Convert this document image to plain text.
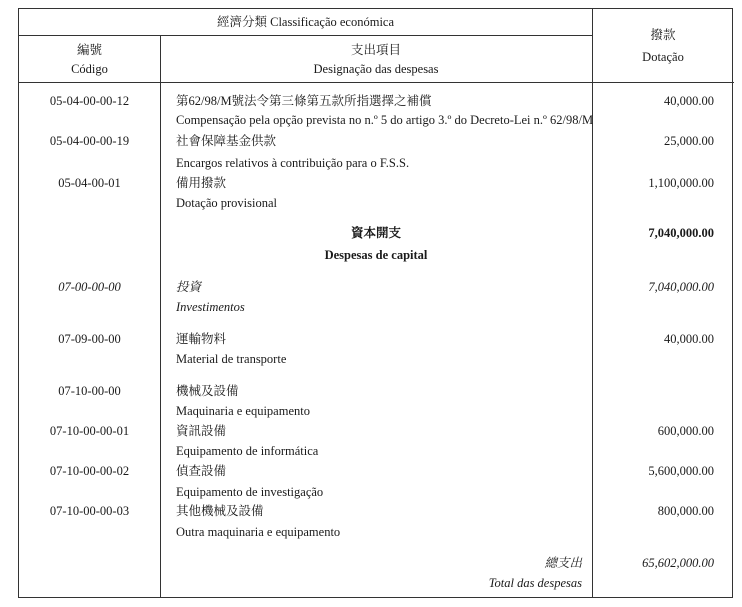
經濟分類 Classificação económica
編號
Código
支出項目
Designação das despesas
撥款
Dotação
05-04-00-00-12	第62/98/M號法令第三條第五款所指選擇之補償	40,000.00
Compensação pela opção prevista no n.º 5 do artigo 3.º do Decreto-Lei n.º 62/98/M
05-04-00-00-19	社會保障基金供款	25,000.00
Encargos relativos à contribuição para o F.S.S.
05-04-00-01	備用撥款	1,100,000.00
Dotação provisional
資本開支	7,040,000.00
Despesas de capital
07-00-00-00	投資	7,040,000.00
Investimentos
07-09-00-00	運輸物料	40,000.00
Material de transporte
07-10-00-00	機械及設備
Maquinaria e equipamento
07-10-00-00-01	資訊設備	600,000.00
Equipamento de informática
07-10-00-00-02	偵查設備	5,600,000.00
Equipamento de investigação
07-10-00-00-03	其他機械及設備	800,000.00
Outra maquinaria e equipamento
總支出	65,602,000.00
Total das despesas
